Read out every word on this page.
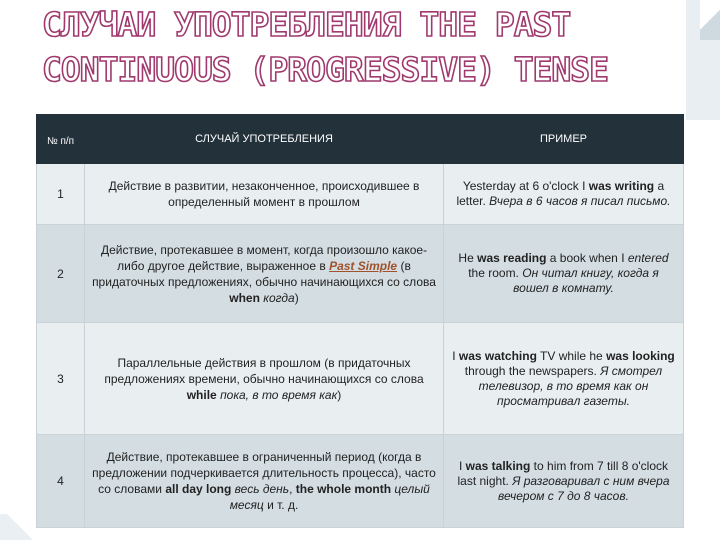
СЛУЧАИ УПОТРЕБЛЕНИЯ THE PAST CONTINUOUS (PROGRESSIVE) TENSE
№ п/п	СЛУЧАЙ УПОТРЕБЛЕНИЯ	ПРИМЕР
1	Действие в развитии, незаконченное, происходившее в определенный момент в прошлом	Yesterday at 6 o'clock I was writing a letter. Вчера в 6 часов я писал письмо.
2	Действие, протекавшее в момент, когда произошло какое-либо другое действие, выраженное в Past Simple (в придаточных предложениях, обычно начинающихся со слова when когда)	He was reading a book when I entered the room. Он читал книгу, когда я вошел в комнату.
3	Параллельные действия в прошлом (в придаточных предложениях времени, обычно начинающихся со слова while пока, в то время как)	I was watching TV while he was looking through the newspapers. Я смотрел телевизор, в то время как он просматривал газеты.
4	Действие, протекавшее в ограниченный период (когда в предложении подчеркивается длительность процесса), часто со словами all day long весь день, the whole month целый месяц и т. д.	I was talking to him from 7 till 8 o'clock last night. Я разговаривал с ним вчера вечером с 7 до 8 часов.
